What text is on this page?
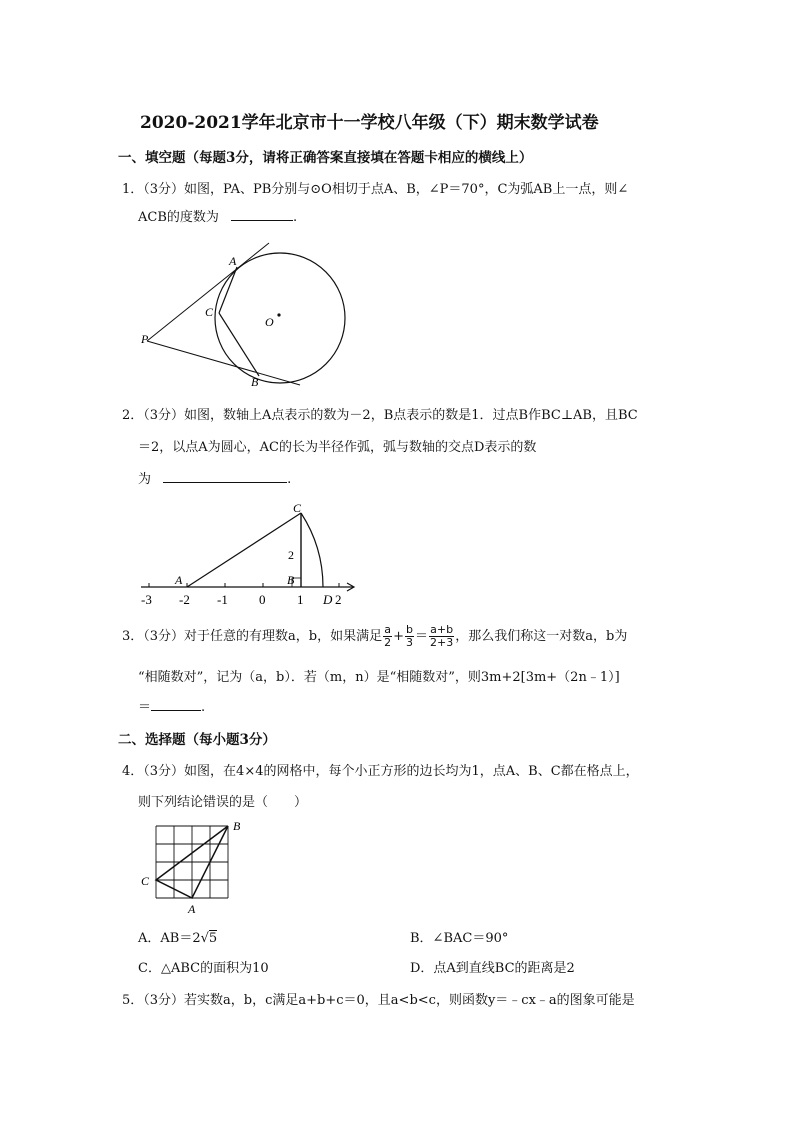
2020-2021学年北京市十一学校八年级（下）期末数学试卷
一、填空题（每题3分，请将正确答案直接填在答题卡相应的横线上）
1．（3分）如图，PA、PB分别与⊙O相切于点A、B，∠P＝70°，C为弧AB上一点，则∠
ACB的度数为	.
A
C
O
P
B
2．（3分）如图，数轴上A点表示的数为－2，B点表示的数是1．过点B作BC⊥AB，且BC
＝2，以点A为圆心，AC的长为半径作弧，弧与数轴的交点D表示的数
为	.
C
2
A	B
-3 -2 -1 0 1 D 2
3．（3分）对于任意的有理数a，b，如果满足 $\frac{a}{2} + \frac{b}{3} = \frac{a+b}{2+3}$ ，那么我们称这一对数a，b为
“相随数对”，记为（a，b）．若（m，n）是“相随数对”，则3m+2[3m+（2n﹣1）]
＝	.
二、选择题（每小题3分）
4．（3分）如图，在4×4的网格中，每个小正方形的边长均为1，点A、B、C都在格点上，
则下列结论错误的是（　　）
B
C
A
A．AB＝2√5	B．∠BAC＝90°
C．△ABC的面积为10	D．点A到直线BC的距离是2
5．（3分）若实数a，b，c满足a+b+c＝0，且a<b<c，则函数y＝﹣cx﹣a的图象可能是
